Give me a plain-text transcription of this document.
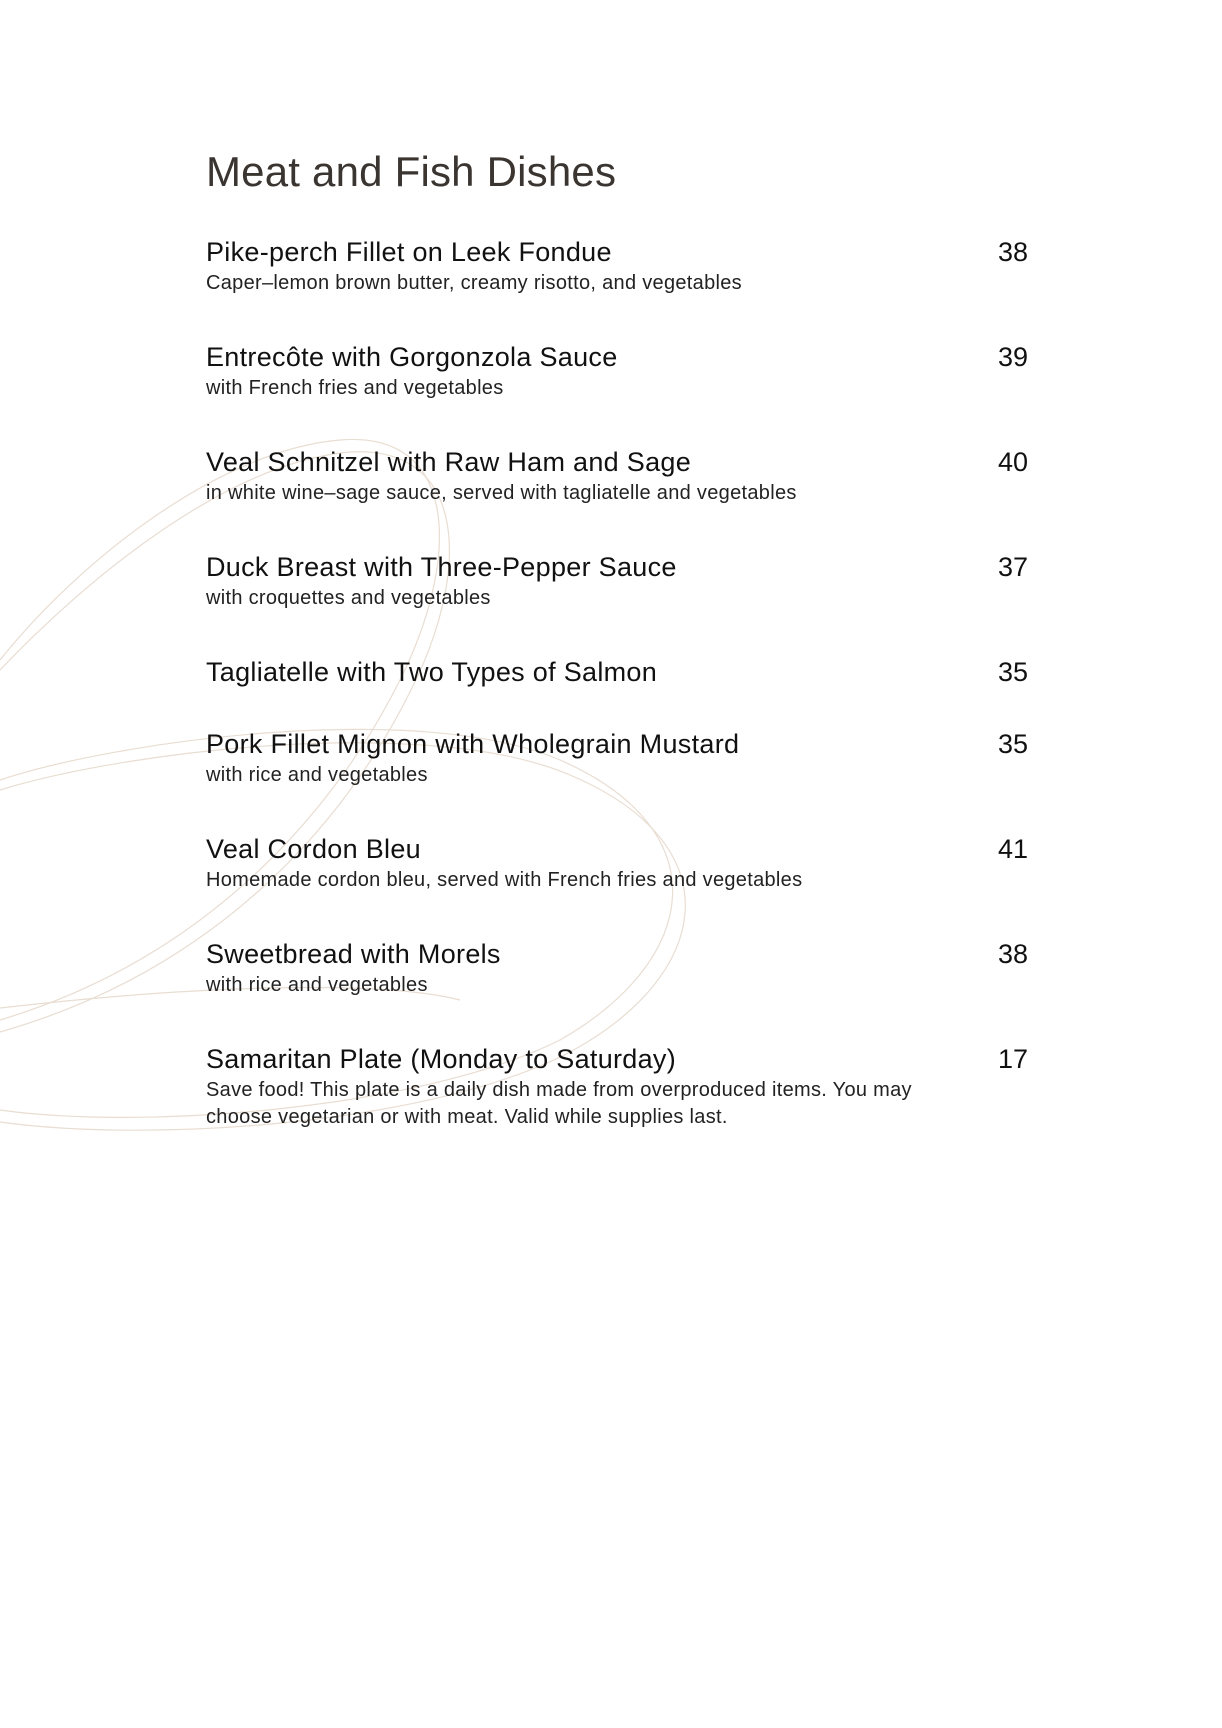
Meat and Fish Dishes
Pike-perch Fillet on Leek Fondue	38
Caper–lemon brown butter, creamy risotto, and vegetables
Entrecôte with Gorgonzola Sauce	39
with French fries and vegetables
Veal Schnitzel with Raw Ham and Sage	40
in white wine–sage sauce, served with tagliatelle and vegetables
Duck Breast with Three-Pepper Sauce	37
with croquettes and vegetables
Tagliatelle with Two Types of Salmon	35
Pork Fillet Mignon with Wholegrain Mustard	35
with rice and vegetables
Veal Cordon Bleu	41
Homemade cordon bleu, served with French fries and vegetables
Sweetbread with Morels	38
with rice and vegetables
Samaritan Plate (Monday to Saturday)	17
Save food! This plate is a daily dish made from overproduced items. You may choose vegetarian or with meat. Valid while supplies last.
